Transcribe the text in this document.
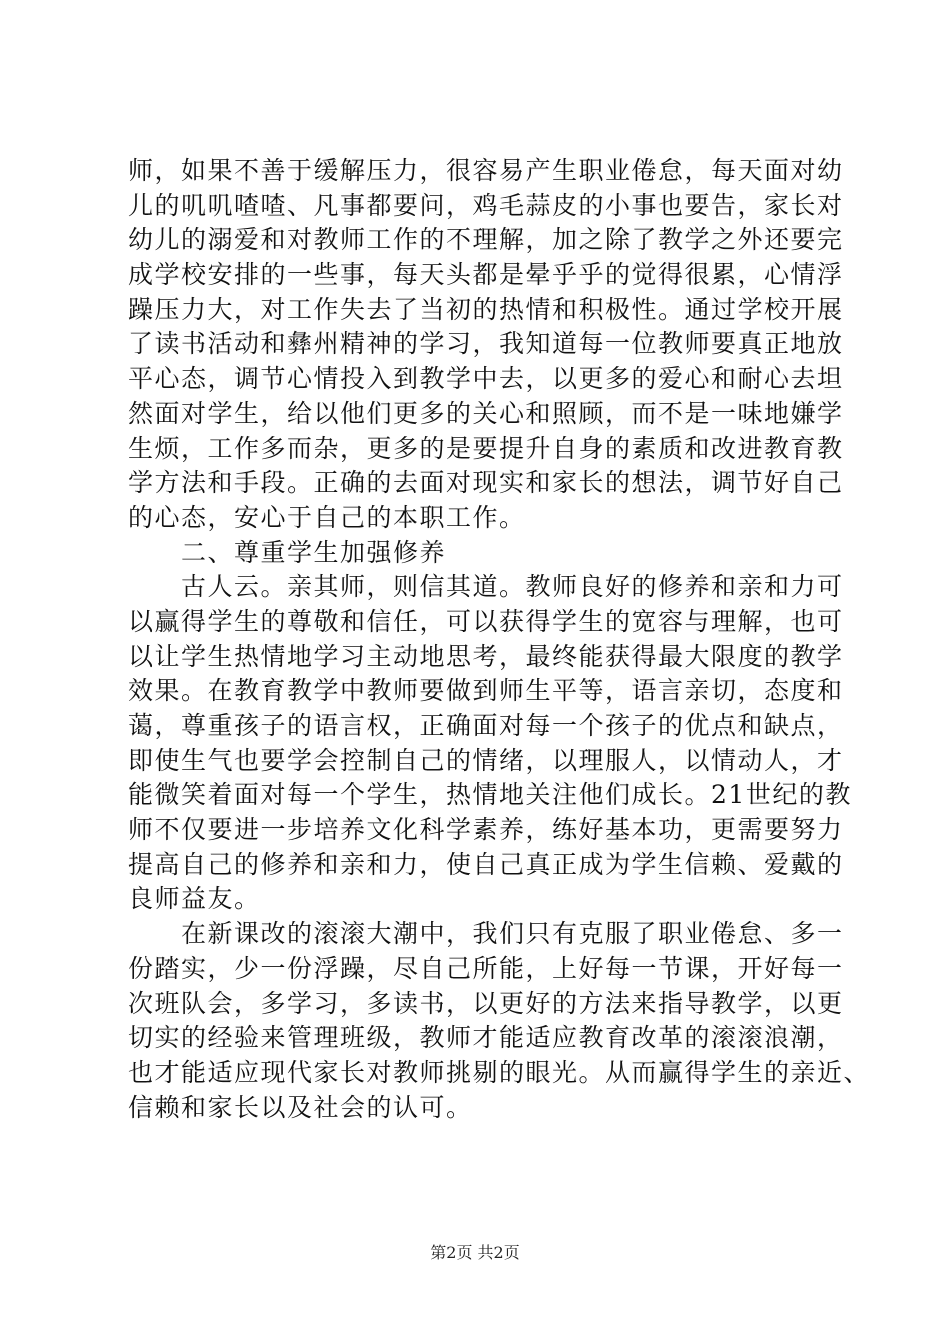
师，如果不善于缓解压力，很容易产生职业倦怠，每天面对幼
儿的叽叽喳喳、凡事都要问，鸡毛蒜皮的小事也要告，家长对
幼儿的溺爱和对教师工作的不理解，加之除了教学之外还要完
成学校安排的一些事，每天头都是晕乎乎的觉得很累，心情浮
躁压力大，对工作失去了当初的热情和积极性。通过学校开展
了读书活动和彝州精神的学习，我知道每一位教师要真正地放
平心态，调节心情投入到教学中去，以更多的爱心和耐心去坦
然面对学生，给以他们更多的关心和照顾，而不是一味地嫌学
生烦，工作多而杂，更多的是要提升自身的素质和改进教育教
学方法和手段。正确的去面对现实和家长的想法，调节好自己
的心态，安心于自己的本职工作。
　　二、尊重学生加强修养
　　古人云。亲其师，则信其道。教师良好的修养和亲和力可
以赢得学生的尊敬和信任，可以获得学生的宽容与理解，也可
以让学生热情地学习主动地思考，最终能获得最大限度的教学
效果。在教育教学中教师要做到师生平等，语言亲切，态度和
蔼，尊重孩子的语言权，正确面对每一个孩子的优点和缺点，
即使生气也要学会控制自己的情绪，以理服人，以情动人，才
能微笑着面对每一个学生，热情地关注他们成长。21世纪的教
师不仅要进一步培养文化科学素养，练好基本功，更需要努力
提高自己的修养和亲和力，使自己真正成为学生信赖、爱戴的
良师益友。
　　在新课改的滚滚大潮中，我们只有克服了职业倦怠、多一
份踏实，少一份浮躁，尽自己所能，上好每一节课，开好每一
次班队会，多学习，多读书，以更好的方法来指导教学，以更
切实的经验来管理班级，教师才能适应教育改革的滚滚浪潮，
也才能适应现代家长对教师挑剔的眼光。从而赢得学生的亲近、
信赖和家长以及社会的认可。
第2页 共2页
